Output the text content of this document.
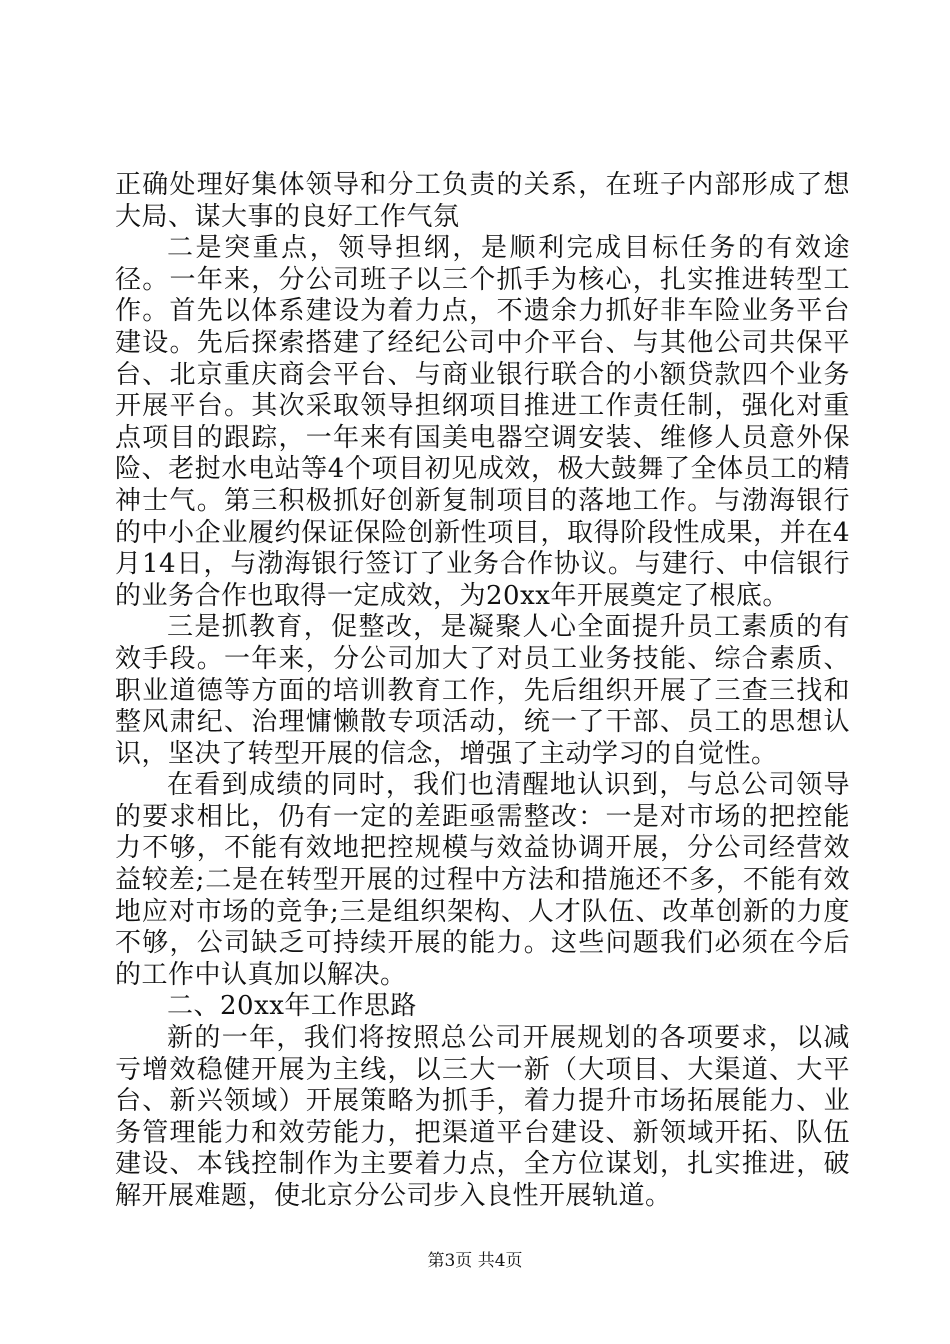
正确处理好集体领导和分工负责的关系，在班子内部形成了想大局、谋大事的良好工作气氛

二是突重点，领导担纲，是顺利完成目标任务的有效途径。一年来，分公司班子以三个抓手为核心，扎实推进转型工作。首先以体系建设为着力点，不遗余力抓好非车险业务平台建设。先后探索搭建了经纪公司中介平台、与其他公司共保平台、北京重庆商会平台、与商业银行联合的小额贷款四个业务开展平台。其次采取领导担纲项目推进工作责任制，强化对重点项目的跟踪，一年来有国美电器空调安装、维修人员意外保险、老挝水电站等4个项目初见成效，极大鼓舞了全体员工的精神士气。第三积极抓好创新复制项目的落地工作。与渤海银行的中小企业履约保证保险创新性项目，取得阶段性成果，并在4月14日，与渤海银行签订了业务合作协议。与建行、中信银行的业务合作也取得一定成效，为20xx年开展奠定了根底。

三是抓教育，促整改，是凝聚人心全面提升员工素质的有效手段。一年来，分公司加大了对员工业务技能、综合素质、职业道德等方面的培训教育工作，先后组织开展了三查三找和整风肃纪、治理慵懒散专项活动，统一了干部、员工的思想认识，坚决了转型开展的信念，增强了主动学习的自觉性。

在看到成绩的同时，我们也清醒地认识到，与总公司领导的要求相比，仍有一定的差距亟需整改：一是对市场的把控能力不够，不能有效地把控规模与效益协调开展，分公司经营效益较差;二是在转型开展的过程中方法和措施还不多，不能有效地应对市场的竞争;三是组织架构、人才队伍、改革创新的力度不够，公司缺乏可持续开展的能力。这些问题我们必须在今后的工作中认真加以解决。

二、20xx年工作思路

新的一年，我们将按照总公司开展规划的各项要求，以减亏增效稳健开展为主线，以三大一新（大项目、大渠道、大平台、新兴领域）开展策略为抓手，着力提升市场拓展能力、业务管理能力和效劳能力，把渠道平台建设、新领域开拓、队伍建设、本钱控制作为主要着力点，全方位谋划，扎实推进，破解开展难题，使北京分公司步入良性开展轨道。

第3页 共4页
